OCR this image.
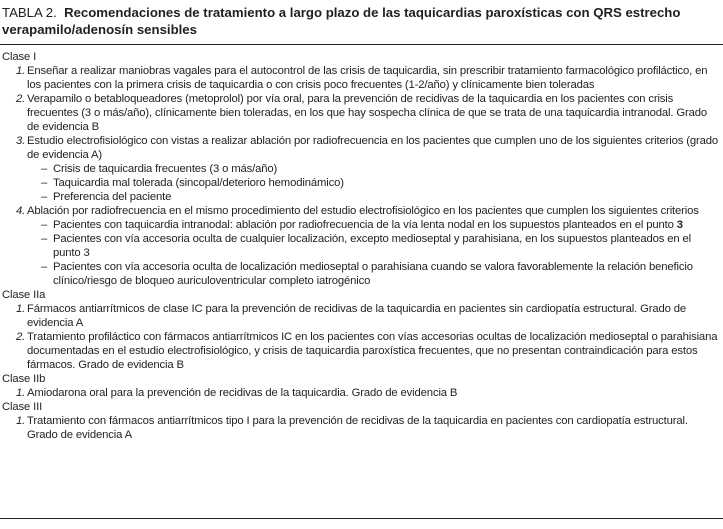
TABLA 2. Recomendaciones de tratamiento a largo plazo de las taquicardias paroxísticas con QRS estrecho verapamilo/adenosín sensibles
Clase I
1. Enseñar a realizar maniobras vagales para el autocontrol de las crisis de taquicardia, sin prescribir tratamiento farmacológico profiláctico, en los pacientes con la primera crisis de taquicardia o con crisis poco frecuentes (1-2/año) y clínicamente bien toleradas
2. Verapamilo o betabloqueadores (metoprolol) por vía oral, para la prevención de recidivas de la taquicardia en los pacientes con crisis frecuentes (3 o más/año), clínicamente bien toleradas, en los que hay sospecha clínica de que se trata de una taquicardia intranodal. Grado de evidencia B
3. Estudio electrofisiológico con vistas a realizar ablación por radiofrecuencia en los pacientes que cumplen uno de los siguientes criterios (grado de evidencia A)
– Crisis de taquicardia frecuentes (3 o más/año)
– Taquicardia mal tolerada (sincopal/deterioro hemodinámico)
– Preferencia del paciente
4. Ablación por radiofrecuencia en el mismo procedimiento del estudio electrofisiológico en los pacientes que cumplen los siguientes criterios
– Pacientes con taquicardia intranodal: ablación por radiofrecuencia de la vía lenta nodal en los supuestos planteados en el punto 3
– Pacientes con vía accesoria oculta de cualquier localización, excepto medioseptal y parahisiana, en los supuestos planteados en el punto 3
– Pacientes con vía accesoria oculta de localización medioseptal o parahisiana cuando se valora favorablemente la relación beneficio clínico/riesgo de bloqueo auriculoventricular completo iatrogénico
Clase IIa
1. Fármacos antiarrítmicos de clase IC para la prevención de recidivas de la taquicardia en pacientes sin cardiopatía estructural. Grado de evidencia A
2. Tratamiento profiláctico con fármacos antiarrítmicos IC en los pacientes con vías accesorias ocultas de localización medioseptal o parahisiana documentadas en el estudio electrofisiológico, y crisis de taquicardia paroxística frecuentes, que no presentan contraindicación para estos fármacos. Grado de evidencia B
Clase IIb
1. Amiodarona oral para la prevención de recidivas de la taquicardia. Grado de evidencia B
Clase III
1. Tratamiento con fármacos antiarrítmicos tipo I para la prevención de recidivas de la taquicardia en pacientes con cardiopatía estructural. Grado de evidencia A
